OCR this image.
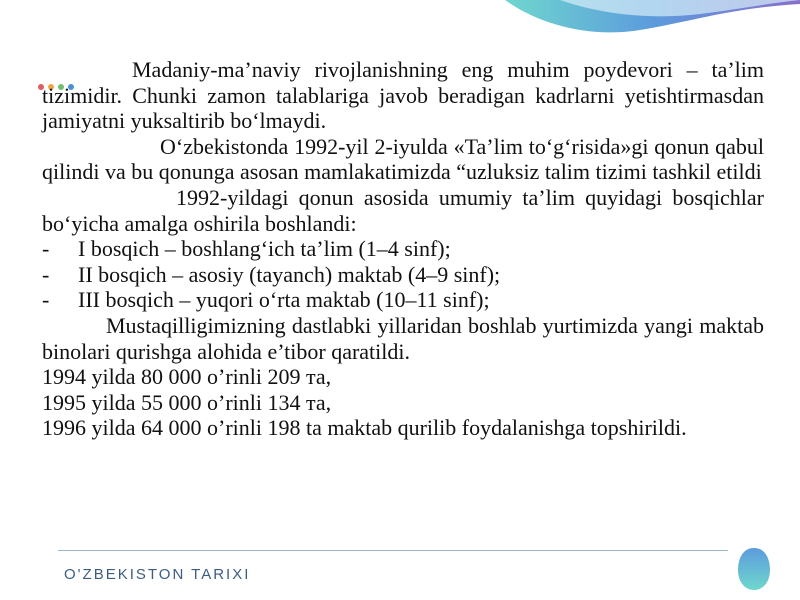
Madaniy-ma’naviy rivojlanishning eng muhim poydevori – ta’lim tizimidir. Chunki zamon talablariga javob beradigan kadrlarni yetishtirmasdan jamiyatni yuksaltirib bo‘lmaydi.

O‘zbekistonda 1992-yil 2-iyulda «Ta’lim to‘g‘risida»gi qonun qabul qilindi va bu qonunga asosan mamlakatimizda “uzluksiz talim tizimi tashkil etildi

1992-yildagi qonun asosida umumiy ta’lim quyidagi bosqichlar bo‘yicha amalga oshirila boshlandi:

-	I bosqich – boshlang‘ich ta’lim (1–4 sinf);
-	II bosqich – asosiy (tayanch) maktab (4–9 sinf);
-	III bosqich – yuqori o‘rta maktab (10–11 sinf);

Mustaqilligimizning dastlabki yillaridan boshlab yurtimizda yangi maktab binolari qurishga alohida e’tibor qaratildi.

1994 yilda 80 000 o’rinli 209 та,

1995 yilda 55 000 o’rinli 134 та,

1996 yilda 64 000 o’rinli 198 ta maktab qurilib foydalanishga topshirildi.

O'ZBEKISTON TARIXI
